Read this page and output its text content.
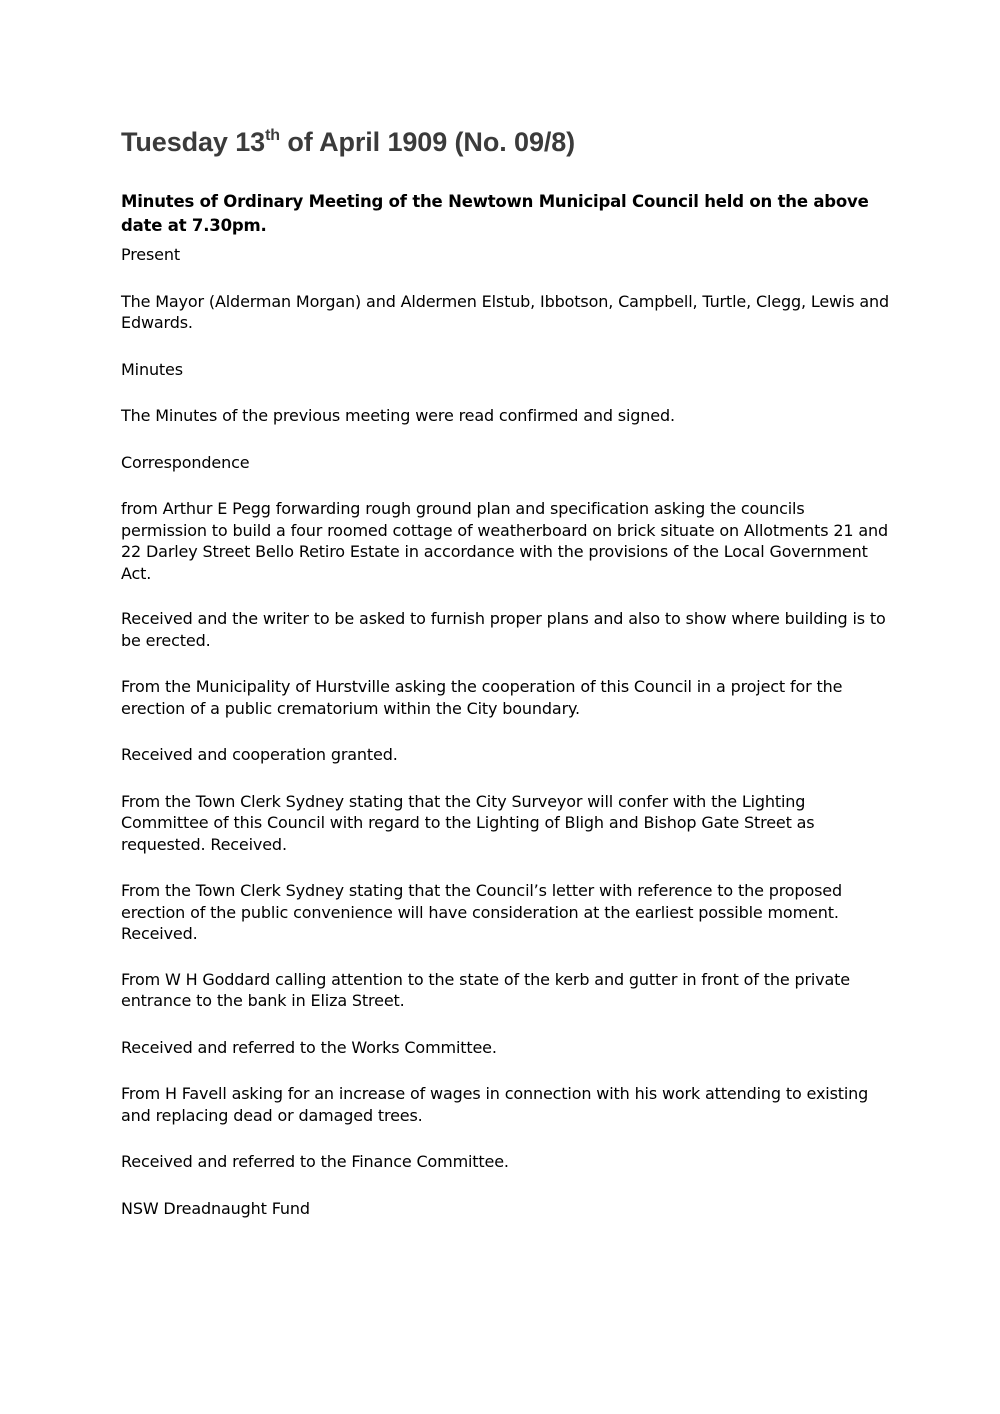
Tuesday 13th of April 1909 (No. 09/8)

Minutes of Ordinary Meeting of the Newtown Municipal Council held on the above date at 7.30pm.

Present

The Mayor (Alderman Morgan) and Aldermen Elstub, Ibbotson, Campbell, Turtle, Clegg, Lewis and Edwards.

Minutes

The Minutes of the previous meeting were read confirmed and signed.

Correspondence

from Arthur E Pegg forwarding rough ground plan and specification asking the councils permission to build a four roomed cottage of weatherboard on brick situate on Allotments 21 and 22 Darley Street Bello Retiro Estate in accordance with the provisions of the Local Government Act.

Received and the writer to be asked to furnish proper plans and also to show where building is to be erected.

From the Municipality of Hurstville asking the cooperation of this Council in a project for the erection of a public crematorium within the City boundary.

Received and cooperation granted.

From the Town Clerk Sydney stating that the City Surveyor will confer with the Lighting Committee of this Council with regard to the Lighting of Bligh and Bishop Gate Street as requested. Received.

From the Town Clerk Sydney stating that the Council’s letter with reference to the proposed erection of the public convenience will have consideration at the earliest possible moment. Received.

From W H Goddard calling attention to the state of the kerb and gutter in front of the private entrance to the bank in Eliza Street.

Received and referred to the Works Committee.

From H Favell asking for an increase of wages in connection with his work attending to existing and replacing dead or damaged trees.

Received and referred to the Finance Committee.

NSW Dreadnaught Fund
